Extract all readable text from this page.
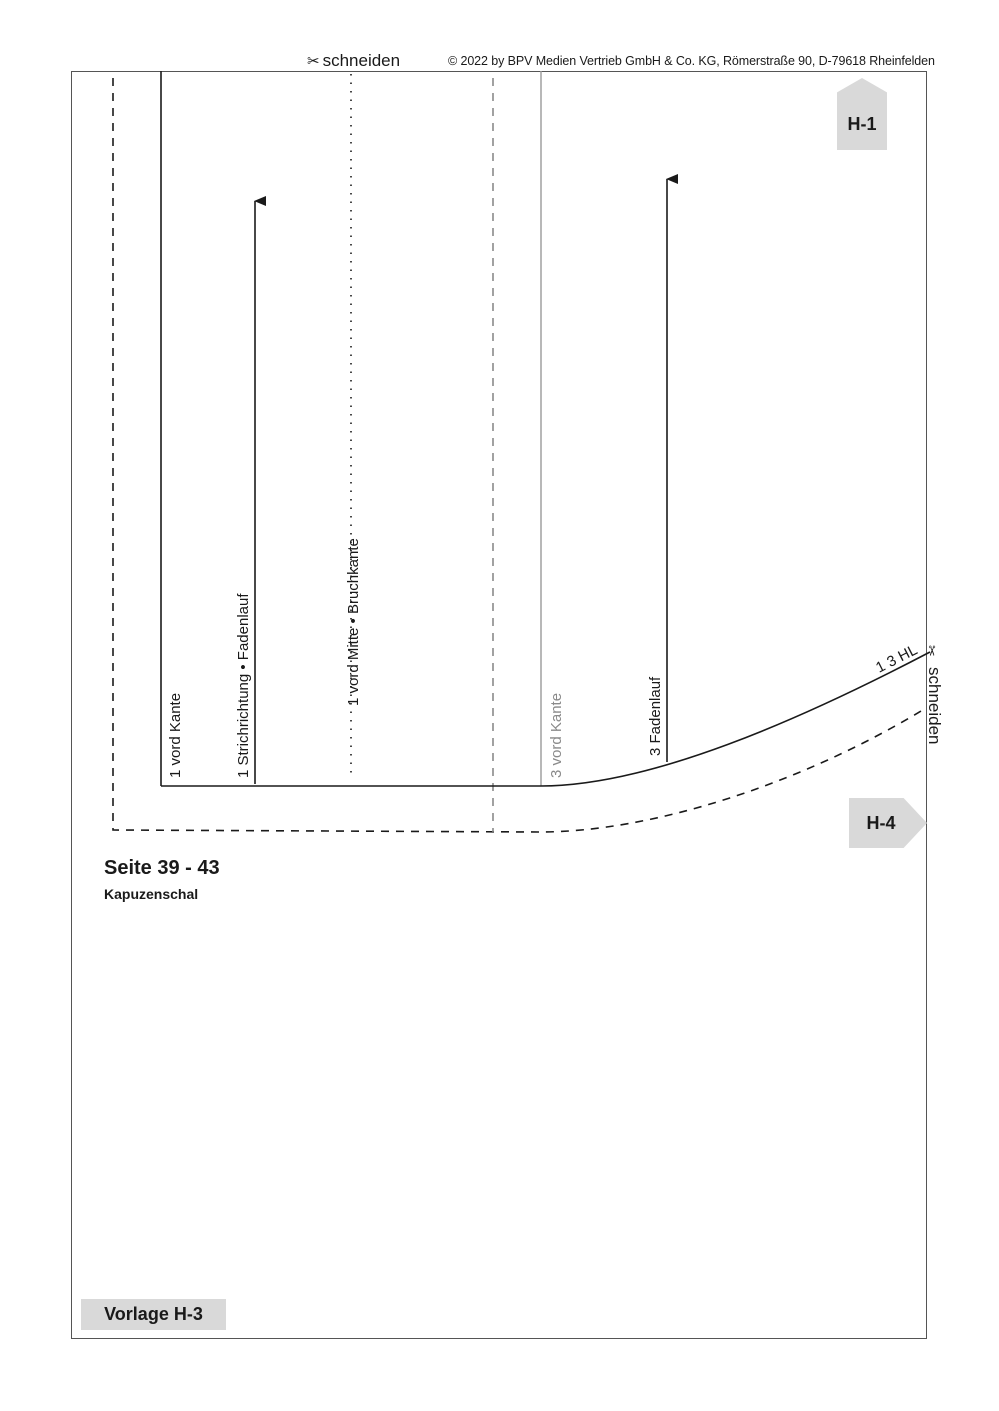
✂ schneiden	© 2022 by BPV Medien Vertrieb GmbH & Co. KG, Römerstraße 90, D-79618 Rheinfelden
1 vord Kante	1 Strichrichtung • Fadenlauf	1 vord Mitte • Bruchkante
3 vord Kante	3 Fadenlauf
1 3 HL ✂
schneiden
H-1
H-4
Seite 39 - 43
Kapuzenschal
Vorlage H-3
